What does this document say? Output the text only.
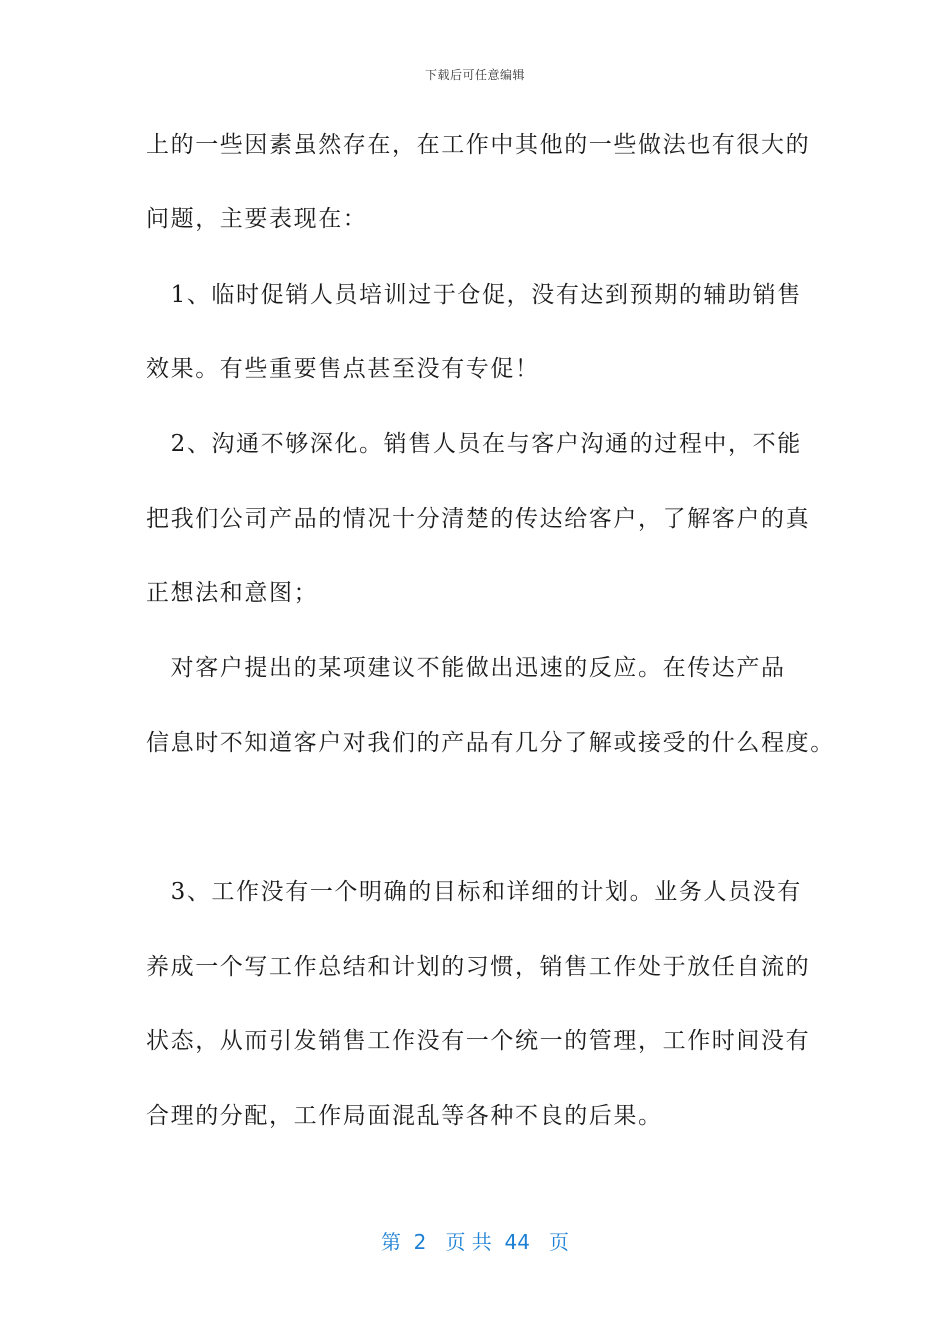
下载后可任意编辑
上的一些因素虽然存在，在工作中其他的一些做法也有很大的
问题，主要表现在：
　1、临时促销人员培训过于仓促，没有达到预期的辅助销售
效果。有些重要售点甚至没有专促！
　2、沟通不够深化。销售人员在与客户沟通的过程中，不能
把我们公司产品的情况十分清楚的传达给客户，了解客户的真
正想法和意图；
　对客户提出的某项建议不能做出迅速的反应。在传达产品
信息时不知道客户对我们的产品有几分了解或接受的什么程度。
　3、工作没有一个明确的目标和详细的计划。业务人员没有
养成一个写工作总结和计划的习惯，销售工作处于放任自流的
状态，从而引发销售工作没有一个统一的管理，工作时间没有
合理的分配，工作局面混乱等各种不良的后果。
第  2   页 共  44   页
